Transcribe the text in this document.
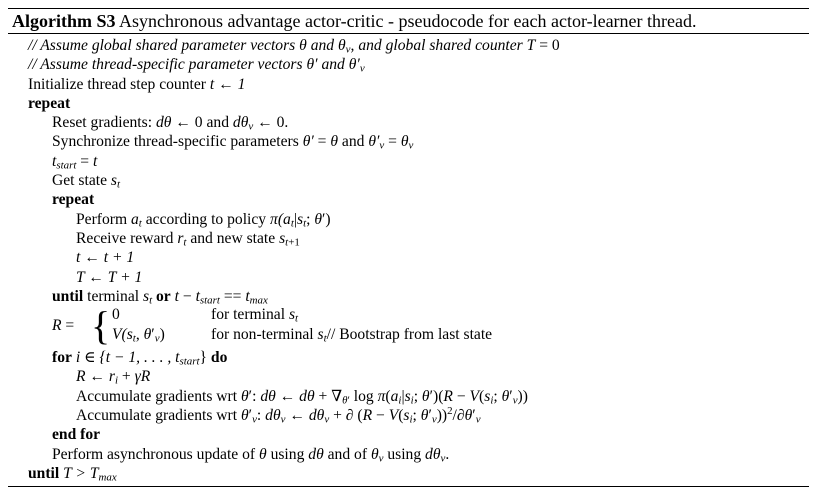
Algorithm S3 Asynchronous advantage actor-critic - pseudocode for each actor-learner thread.
// Assume global shared parameter vectors θ and $\theta_v$, and global shared counter T = 0
// Assume thread-specific parameter vectors θ′ and $\theta'_v$
Initialize thread step counter t ← 1
repeat
Reset gradients: dθ ← 0 and $d\theta_v$ ← 0.
Synchronize thread-specific parameters θ′ = θ and $\theta'_v = \theta_v$
$t_{start} = t$
Get state $s_t$
repeat
Perform $a_t$ according to policy $\pi(a_t|s_t$; θ′)
Receive reward $r_t$ and new state $s_{t+1}$
t ← t + 1
T ← T + 1
until terminal $s_t$ or $t - t_{start} == t_{max}$
R = { 0	for terminal $s_t$
$V(s_t$, $\theta'_v$)	for non-terminal $s_t//$ Bootstrap from last state
for i ∈ {t − 1, . . . , $t_{start}$} do
R ← $r_i + \gamma R$
Accumulate gradients wrt θ′: dθ ← $d\theta + \nabla_{\theta'}$ $\log \pi(a_i|s_i$; $\theta')(R - V(s_i$; $\theta'_v$))
Accumulate gradients wrt $\theta'_v$: $d\theta_v$ ← $d\theta_v$ + ∂ ($R - V(s_i$; $\theta'_v))^2/\partial\theta'_v$
end for
Perform asynchronous update of θ using dθ and of $\theta_v$ using $d\theta_v$.
until $T > T_{max}$
